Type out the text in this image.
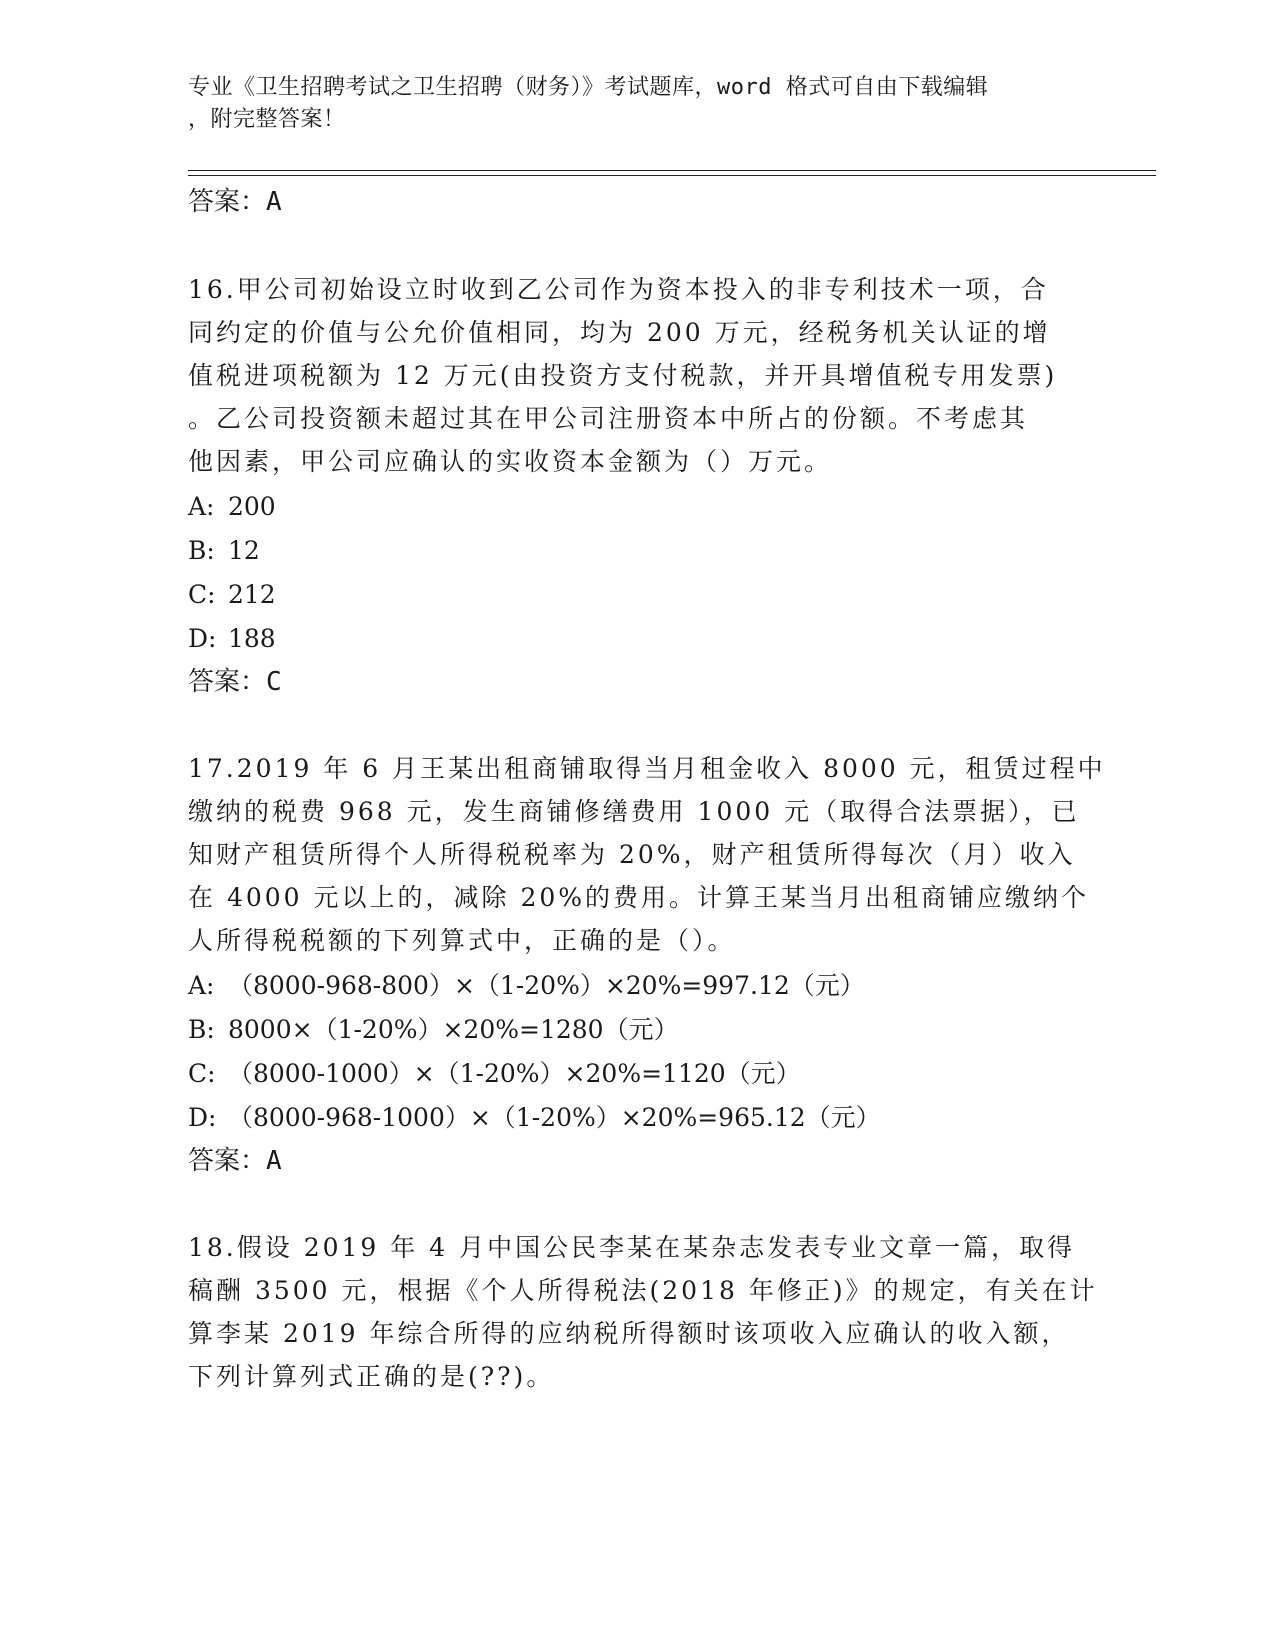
专业《卫生招聘考试之卫生招聘（财务）》考试题库，word 格式可自由下载编辑
，附完整答案！
答案：A
16.甲公司初始设立时收到乙公司作为资本投入的非专利技术一项，合
同约定的价值与公允价值相同，均为 200 万元，经税务机关认证的增
值税进项税额为 12 万元(由投资方支付税款，并开具增值税专用发票)
。乙公司投资额未超过其在甲公司注册资本中所占的份额。不考虑其
他因素，甲公司应确认的实收资本金额为（）万元。
A: 200
B: 12
C: 212
D: 188
答案：C
17.2019 年 6 月王某出租商铺取得当月租金收入 8000 元，租赁过程中
缴纳的税费 968 元，发生商铺修缮费用 1000 元（取得合法票据），已
知财产租赁所得个人所得税税率为 20%，财产租赁所得每次（月）收入
在 4000 元以上的，减除 20%的费用。计算王某当月出租商铺应缴纳个
人所得税税额的下列算式中，正确的是（）。
A: （8000-968-800）×（1-20%）×20%=997.12（元）
B: 8000×（1-20%）×20%=1280（元）
C: （8000-1000）×（1-20%）×20%=1120（元）
D: （8000-968-1000）×（1-20%）×20%=965.12（元）
答案：A
18.假设 2019 年 4 月中国公民李某在某杂志发表专业文章一篇，取得
稿酬 3500 元，根据《个人所得税法(2018 年修正)》的规定，有关在计
算李某 2019 年综合所得的应纳税所得额时该项收入应确认的收入额，
下列计算列式正确的是(??)。
